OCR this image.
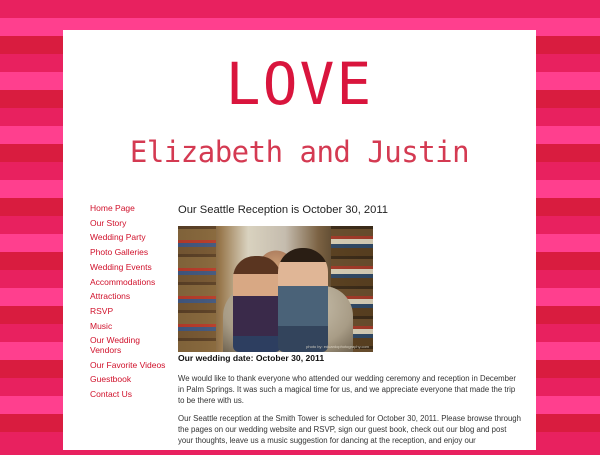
LOVE
Elizabeth and Justin
Home Page
Our Story
Wedding Party
Photo Galleries
Wedding Events
Accommodations
Attractions
RSVP
Music
Our Wedding Vendors
Our Favorite Videos
Guestbook
Contact Us
Our Seattle Reception is October 30, 2011
photo by: eduardophotography.com
Our wedding date: October 30, 2011

We would like to thank everyone who attended our wedding ceremony and reception in December in Palm Springs. It was such a magical time for us, and we appreciate everyone that made the trip to be there with us.

Our Seattle reception at the Smith Tower is scheduled for October 30, 2011. Please browse through the pages on our wedding website and RSVP, sign our guest book, check out our blog and post your thoughts, leave us a music suggestion for dancing at the reception, and enjoy our
